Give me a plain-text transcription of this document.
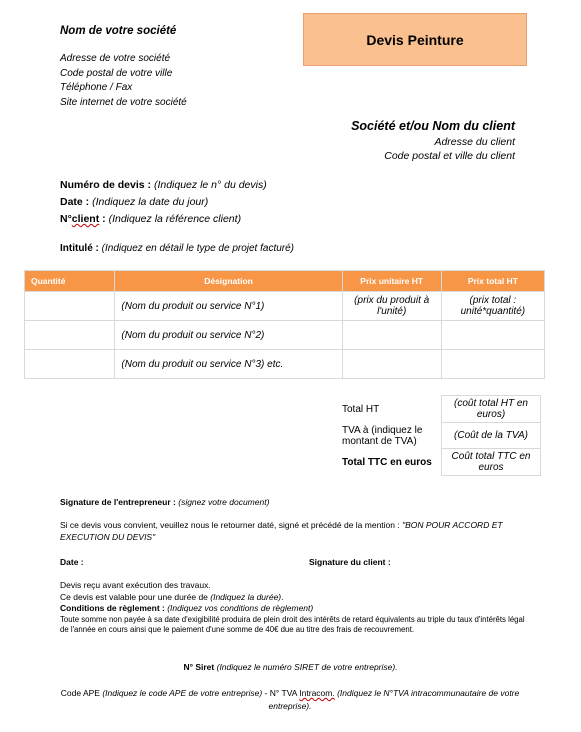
Nom de votre société
Adresse de votre société
Code postal de votre ville
Téléphone / Fax
Site internet de votre société
Devis Peinture
Société et/ou Nom du client
Adresse du client
Code postal et ville du client
Numéro de devis : (Indiquez le n° du devis)
Date : (Indiquez la date du jour)
N°client : (Indiquez la référence client)
Intitulé : (Indiquez en détail le type de projet facturé)
Quantité	Désignation	Prix unitaire HT	Prix total HT
	(Nom du produit ou service N°1)	(prix du produit à l'unité)	(prix total : unité*quantité)
	(Nom du produit ou service N°2)		
	(Nom du produit ou service N°3) etc.		
Total HT	(coût total HT en euros)
TVA à (indiquez le montant de TVA)	(Coût de la TVA)
Total TTC en euros	Coût total TTC en euros
Signature de l'entrepreneur : (signez votre document)
Si ce devis vous convient, veuillez nous le retourner daté, signé et précédé de la mention : "BON POUR ACCORD ET EXECUTION DU DEVIS"
Date :	Signature du client :
Devis reçu avant exécution des travaux.
Ce devis est valable pour une durée de (Indiquez la durée).
Conditions de règlement : (Indiquez vos conditions de règlement)
Toute somme non payée à sa date d'exigibilité produira de plein droit des intérêts de retard équivalents au triple du taux d'intérêts légal de l'année en cours ainsi que le paiement d'une somme de 40€ due au titre des frais de recouvrement.
N° Siret (Indiquez le numéro SIRET de votre entreprise).
Code APE (Indiquez le code APE de votre entreprise) - N° TVA Intracom. (Indiquez le N°TVA intracommunautaire de votre entreprise).
